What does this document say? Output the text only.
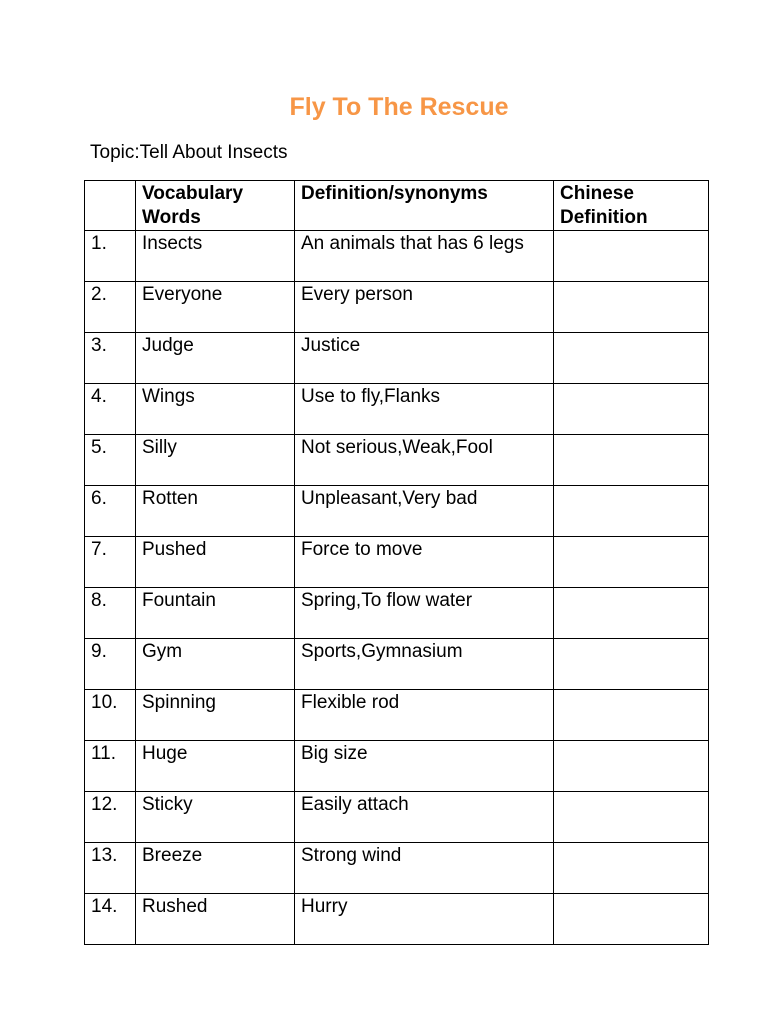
Fly To The Rescue
Topic:Tell About Insects
	Vocabulary Words	Definition/synonyms	Chinese Definition
1.	Insects	An animals that has 6 legs	
2.	Everyone	Every person	
3.	Judge	Justice	
4.	Wings	Use to fly,Flanks	
5.	Silly	Not serious,Weak,Fool	
6.	Rotten	Unpleasant,Very bad	
7.	Pushed	Force to move	
8.	Fountain	Spring,To flow water	
9.	Gym	Sports,Gymnasium	
10.	Spinning	Flexible rod	
11.	Huge	Big size	
12.	Sticky	Easily attach	
13.	Breeze	Strong wind	
14.	Rushed	Hurry	
